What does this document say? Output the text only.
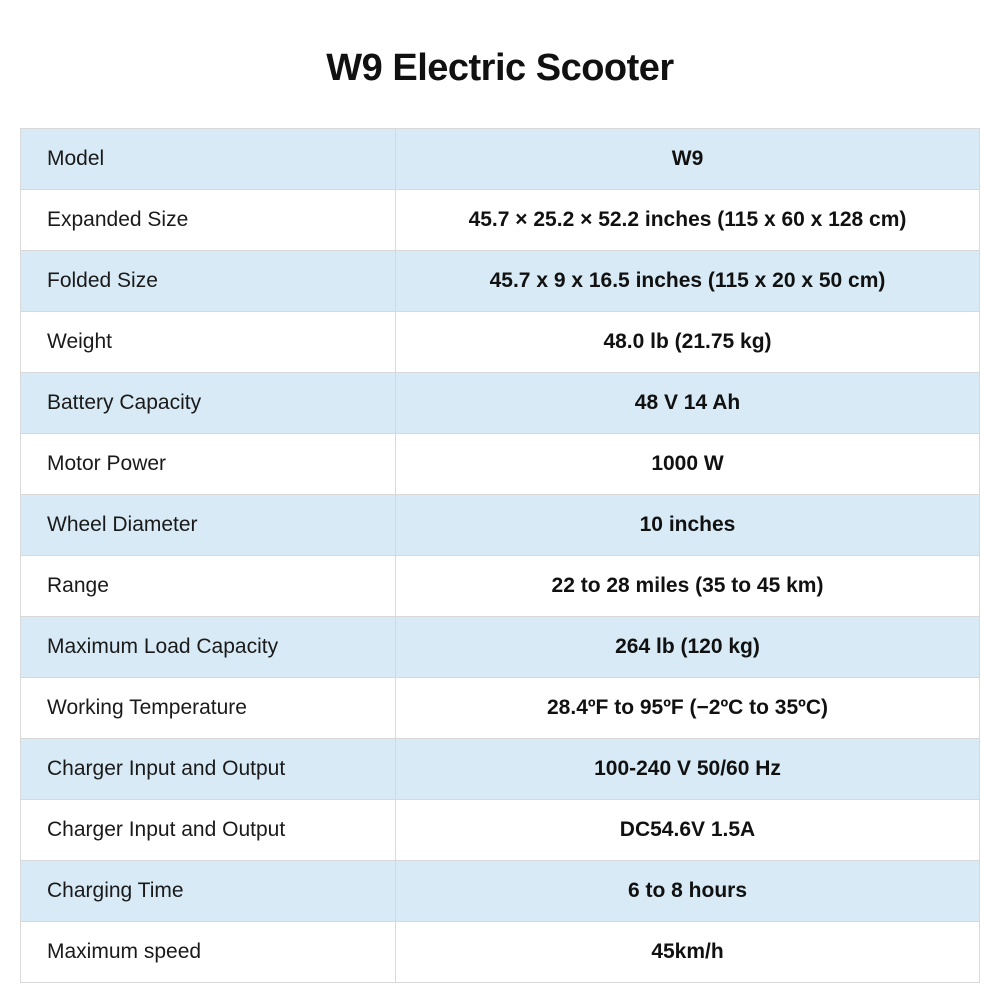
W9 Electric Scooter
Model	W9
Expanded Size	45.7 × 25.2 × 52.2 inches (115 x 60 x 128 cm)
Folded Size	45.7 x 9 x 16.5 inches (115 x 20 x 50 cm)
Weight	48.0 lb (21.75 kg)
Battery Capacity	48 V 14 Ah
Motor Power	1000 W
Wheel Diameter	10 inches
Range	22 to 28 miles (35 to 45 km)
Maximum Load Capacity	264 lb (120 kg)
Working Temperature	28.4ºF to 95ºF (−2ºC to 35ºC)
Charger Input and Output	100-240 V 50/60 Hz
Charger Input and Output	DC54.6V 1.5A
Charging Time	6 to 8 hours
Maximum speed	45km/h
